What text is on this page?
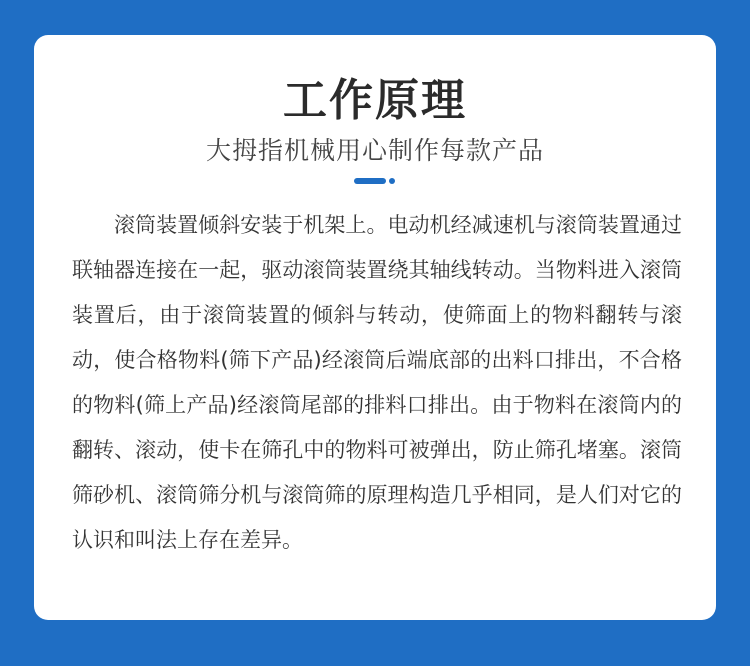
工作原理
大拇指机械用心制作每款产品

滚筒装置倾斜安装于机架上。电动机经减速机与滚筒装置通过联轴器连接在一起，驱动滚筒装置绕其轴线转动。当物料进入滚筒装置后，由于滚筒装置的倾斜与转动，使筛面上的物料翻转与滚动，使合格物料(筛下产品)经滚筒后端底部的出料口排出，不合格的物料(筛上产品)经滚筒尾部的排料口排出。由于物料在滚筒内的翻转、滚动，使卡在筛孔中的物料可被弹出，防止筛孔堵塞。滚筒筛砂机、滚筒筛分机与滚筒筛的原理构造几乎相同，是人们对它的认识和叫法上存在差异。
